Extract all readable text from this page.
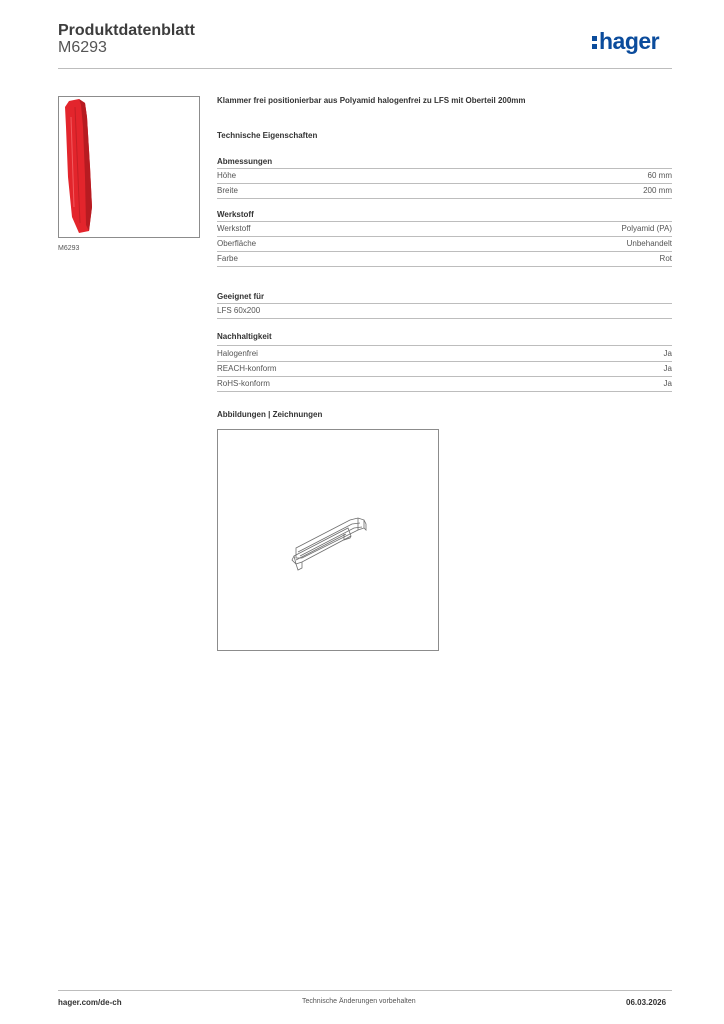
Produktdatenblatt
M6293	hager
M6293
Klammer frei positionierbar aus Polyamid halogenfrei zu LFS mit Oberteil 200mm
Technische Eigenschaften
Abmessungen
Höhe	60 mm
Breite	200 mm
Werkstoff
Werkstoff	Polyamid (PA)
Oberfläche	Unbehandelt
Farbe	Rot
Geeignet für
LFS 60x200
Nachhaltigkeit
Halogenfrei	Ja
REACH-konform	Ja
RoHS-konform	Ja
Abbildungen | Zeichnungen
hager.com/de-ch	Technische Änderungen vorbehalten	06.03.2026
